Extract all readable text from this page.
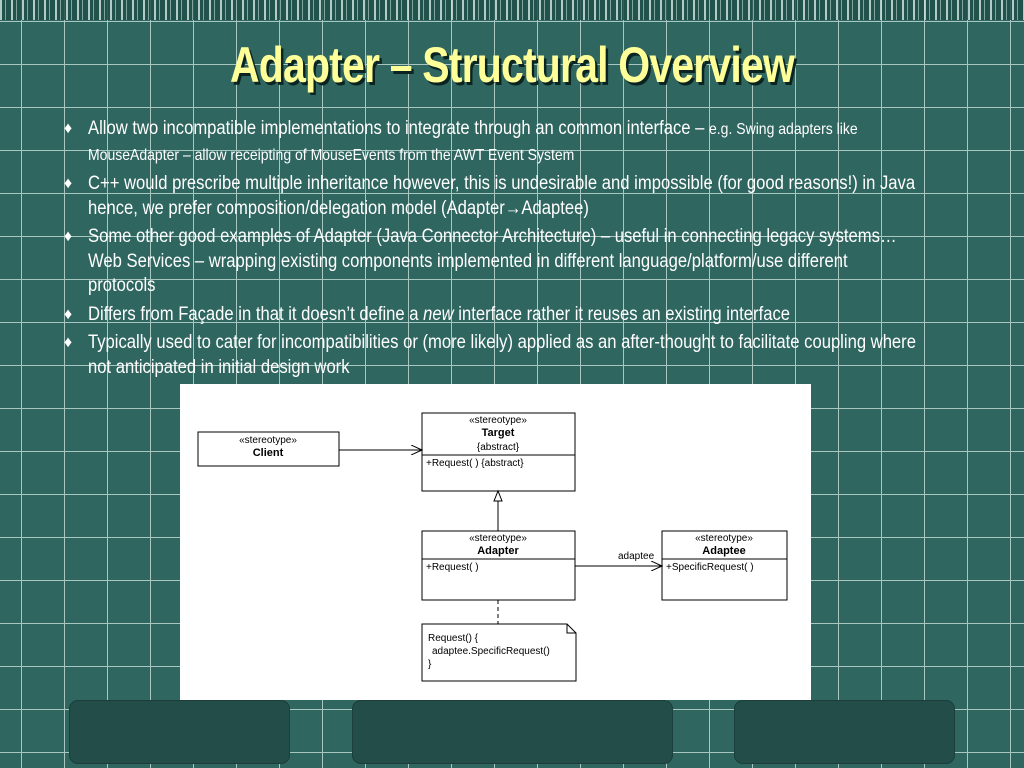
Adapter – Structural Overview
♦ Allow two incompatible implementations to integrate through an common interface – e.g. Swing adapters like MouseAdapter – allow receipting of MouseEvents from the AWT Event System
♦ C++ would prescribe multiple inheritance however, this is undesirable and impossible (for good reasons!) in Java hence, we prefer composition/delegation model (Adapter→Adaptee)
♦ Some other good examples of Adapter (Java Connector Architecture) – useful in connecting legacy systems… Web Services – wrapping existing components implemented in different language/platform/use different protocols
♦ Differs from Façade in that it doesn’t define a new interface rather it reuses an existing interface
♦ Typically used to cater for incompatibilities or (more likely) applied as an after-thought to facilitate coupling where not anticipated in initial design work
«stereotype»
Client
«stereotype»
Target
{abstract}
+Request( ) {abstract}
«stereotype»
Adapter
+Request( )
«stereotype»
Adaptee
+SpecificRequest( )
adaptee
Request() {
adaptee.SpecificRequest()
}
